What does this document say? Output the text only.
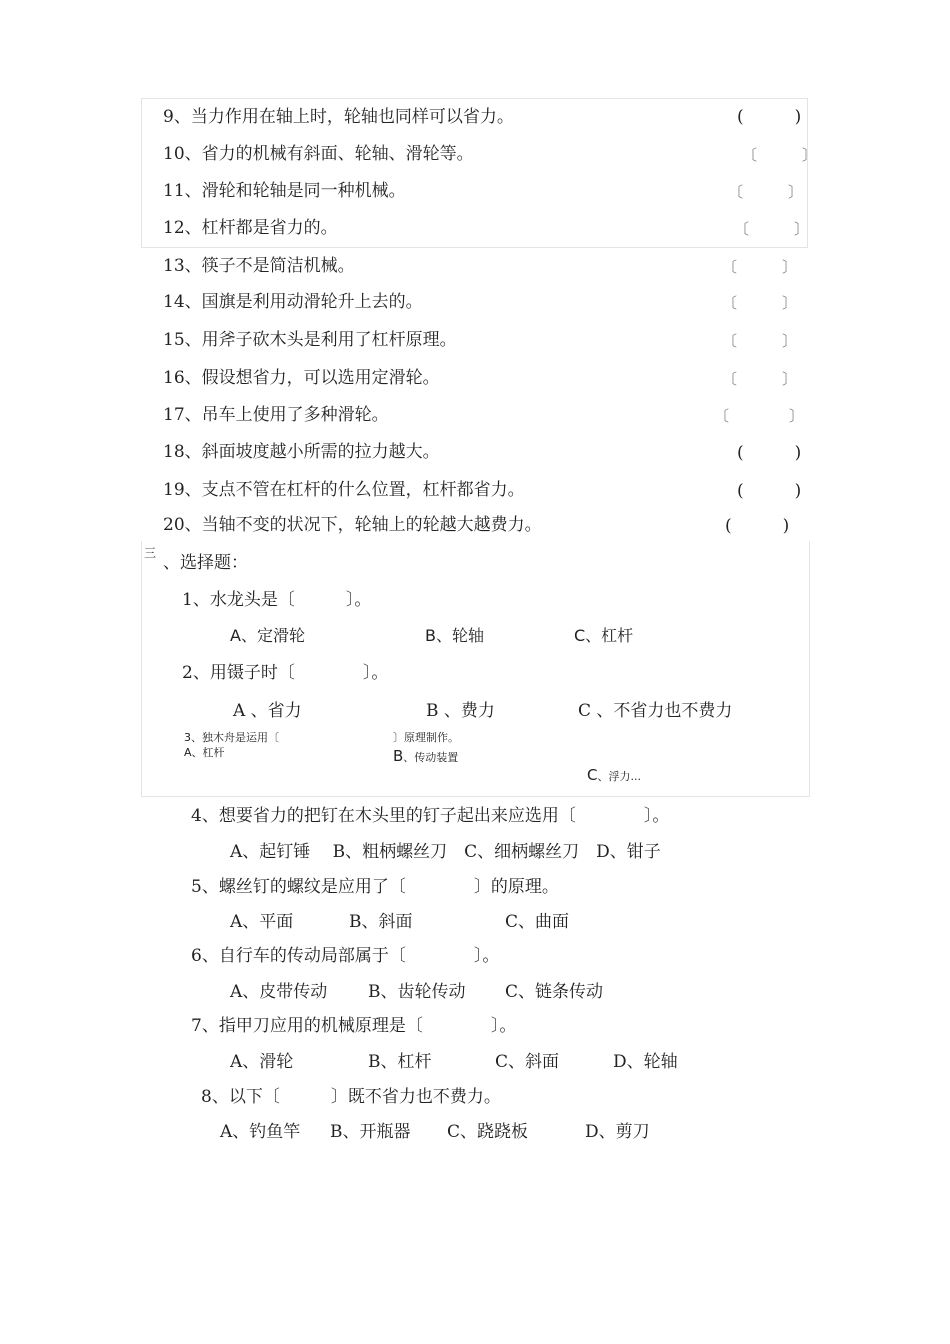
9、当力作用在轴上时，轮轴也同样可以省力。	(　　　)
10、省力的机械有斜面、轮轴、滑轮等。	〔　　　〕
11、滑轮和轮轴是同一种机械。	〔　　　〕
12、杠杆都是省力的。	〔　　　〕
13、筷子不是简洁机械。	〔　　　〕
14、国旗是利用动滑轮升上去的。	〔　　　〕
15、用斧子砍木头是利用了杠杆原理。	〔　　　〕
16、假设想省力，可以选用定滑轮。	〔　　　〕
17、吊车上使用了多种滑轮。	〔　　　　〕
18、斜面坡度越小所需的拉力越大。	(　　　)
19、支点不管在杠杆的什么位置，杠杆都省力。	(　　　)
20、当轴不变的状况下，轮轴上的轮越大越费力。	(　　　)
三 、选择题：
1、水龙头是〔　　　〕。
A、定滑轮	B、轮轴	C、杠杆
2、用镊子时〔　　　　〕。
A 、省力	B 、费力	C 、不省力也不费力
3、独木舟是运用〔	〕原理制作。
A、杠杆	B、传动装置
C、浮力...
4、想要省力的把钉在木头里的钉子起出来应选用〔　　　　〕。
A、起钉锤　 B、粗柄螺丝刀　C、细柄螺丝刀　D、钳子
5、螺丝钉的螺纹是应用了〔　　　　〕的原理。
A、平面	B、斜面	C、曲面
6、自行车的传动局部属于〔　　　　〕。
A、皮带传动 B、齿轮传动 C、链条传动
7、指甲刀应用的机械原理是〔　　　　〕。
A、滑轮	B、杠杆	C、斜面	D、轮轴
8、以下〔　　　〕既不省力也不费力。
A、钓鱼竿 B、开瓶器 C、跷跷板	D、剪刀
